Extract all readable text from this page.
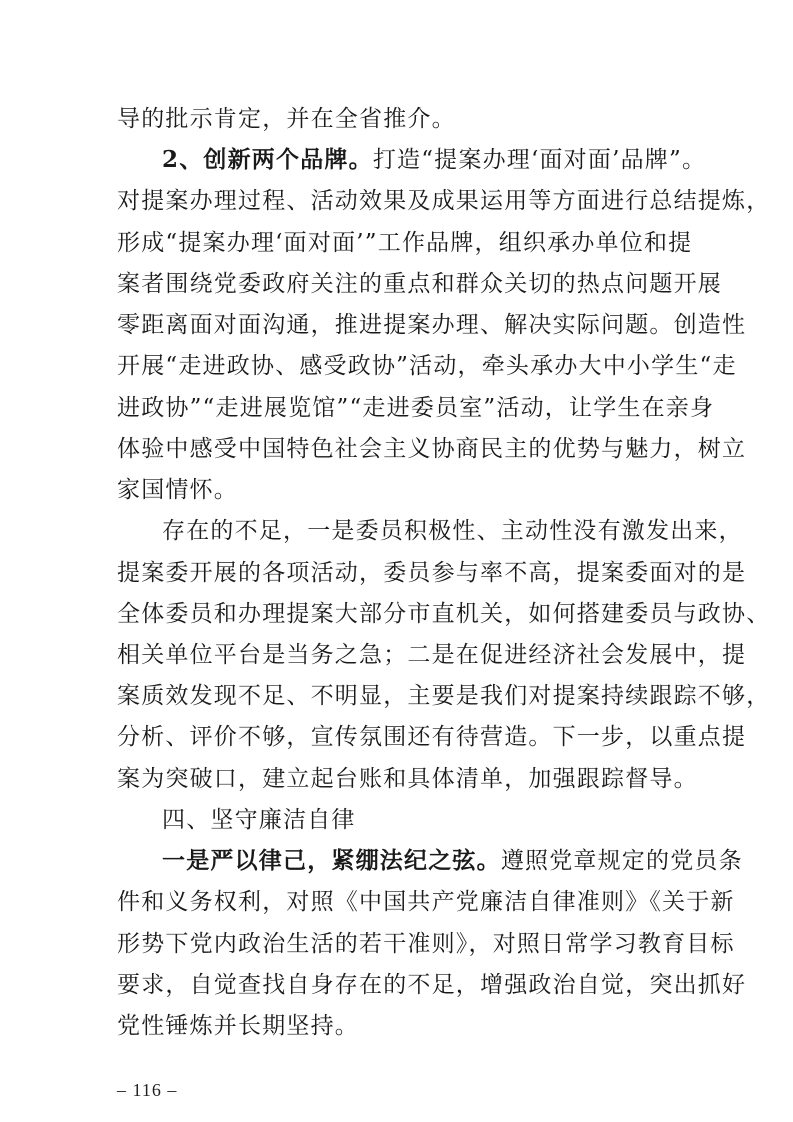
导的批示肯定，并在全省推介。
2、创新两个品牌。打造“提案办理‘面对面’品牌”。
对提案办理过程、活动效果及成果运用等方面进行总结提炼，
形成“提案办理‘面对面’”工作品牌，组织承办单位和提
案者围绕党委政府关注的重点和群众关切的热点问题开展
零距离面对面沟通，推进提案办理、解决实际问题。创造性
开展“走进政协、感受政协”活动，牵头承办大中小学生“走
进政协”“走进展览馆”“走进委员室”活动，让学生在亲身
体验中感受中国特色社会主义协商民主的优势与魅力，树立
家国情怀。
存在的不足，一是委员积极性、主动性没有激发出来，
提案委开展的各项活动，委员参与率不高，提案委面对的是
全体委员和办理提案大部分市直机关，如何搭建委员与政协、
相关单位平台是当务之急；二是在促进经济社会发展中，提
案质效发现不足、不明显，主要是我们对提案持续跟踪不够，
分析、评价不够，宣传氛围还有待营造。下一步，以重点提
案为突破口，建立起台账和具体清单，加强跟踪督导。
四、坚守廉洁自律
一是严以律己，紧绷法纪之弦。遵照党章规定的党员条
件和义务权利，对照《中国共产党廉洁自律准则》《关于新
形势下党内政治生活的若干准则》，对照日常学习教育目标
要求，自觉查找自身存在的不足，增强政治自觉，突出抓好
党性锤炼并长期坚持。
– 116 –
